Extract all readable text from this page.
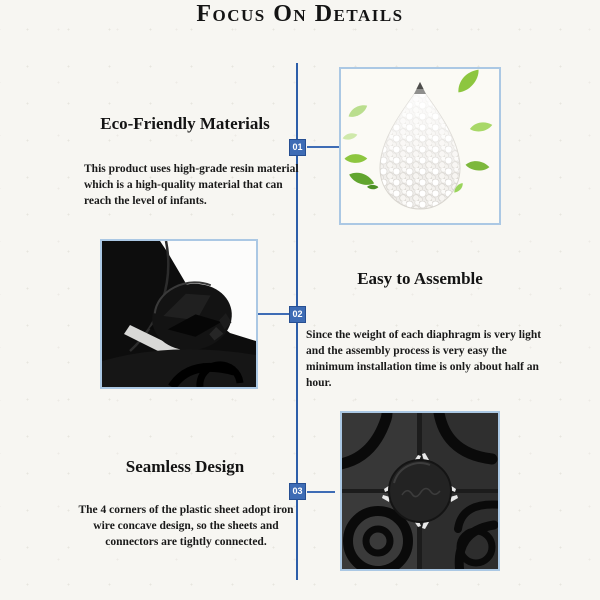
Focus On Details
01
Eco-Friendly Materials
This product uses high-grade resin material which is a high-quality material that can reach the level of infants.
02
Easy to Assemble
Since the weight of each diaphragm is very light and the assembly process is very easy the minimum installation time is only about half an hour.
03
Seamless Design
The 4 corners of the plastic sheet adopt iron wire concave design, so the sheets and connectors are tightly connected.
